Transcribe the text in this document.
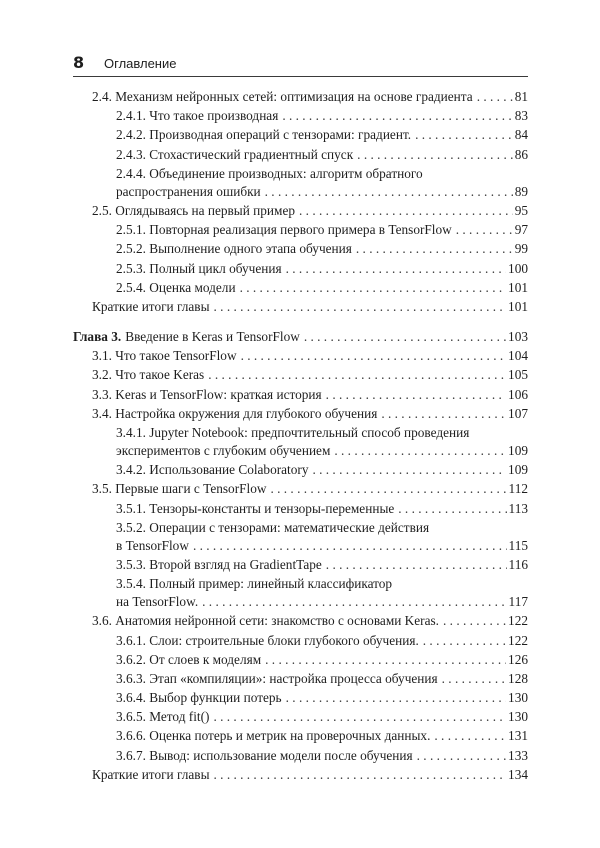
8 Оглавление
2.4. Механизм нейронных сетей: оптимизация на основе градиента . . .	81
2.4.1. Что такое производная . . .	83
2.4.2. Производная операций с тензорами: градиент. . . .	84
2.4.3. Стохастический градиентный спуск . . .	86
2.4.4. Объединение производных: алгоритм обратного
распространения ошибки . . .	89
2.5. Оглядываясь на первый пример . . .	95
2.5.1. Повторная реализация первого примера в TensorFlow . . .	97
2.5.2. Выполнение одного этапа обучения . . .	99
2.5.3. Полный цикл обучения . . .	100
2.5.4. Оценка модели . . .	101
Краткие итоги главы . . .	101
Глава 3. Введение в Keras и TensorFlow . . .	103
3.1. Что такое TensorFlow . . .	104
3.2. Что такое Keras . . .	105
3.3. Keras и TensorFlow: краткая история . . .	106
3.4. Настройка окружения для глубокого обучения . . .	107
3.4.1. Jupyter Notebook: предпочтительный способ проведения
экспериментов с глубоким обучением . . .	109
3.4.2. Использование Colaboratory . . .	109
3.5. Первые шаги с TensorFlow . . .	112
3.5.1. Тензоры-константы и тензоры-переменные . . .	113
3.5.2. Операции с тензорами: математические действия
в TensorFlow . . .	115
3.5.3. Второй взгляд на GradientTape . . .	116
3.5.4. Полный пример: линейный классификатор
на TensorFlow. . . .	117
3.6. Анатомия нейронной сети: знакомство с основами Keras. . . .	122
3.6.1. Слои: строительные блоки глубокого обучения. . . .	122
3.6.2. От слоев к моделям . . .	126
3.6.3. Этап «компиляции»: настройка процесса обучения . . .	128
3.6.4. Выбор функции потерь . . .	130
3.6.5. Метод fit() . . .	130
3.6.6. Оценка потерь и метрик на проверочных данных. . . .	131
3.6.7. Вывод: использование модели после обучения . . .	133
Краткие итоги главы . . .	134
